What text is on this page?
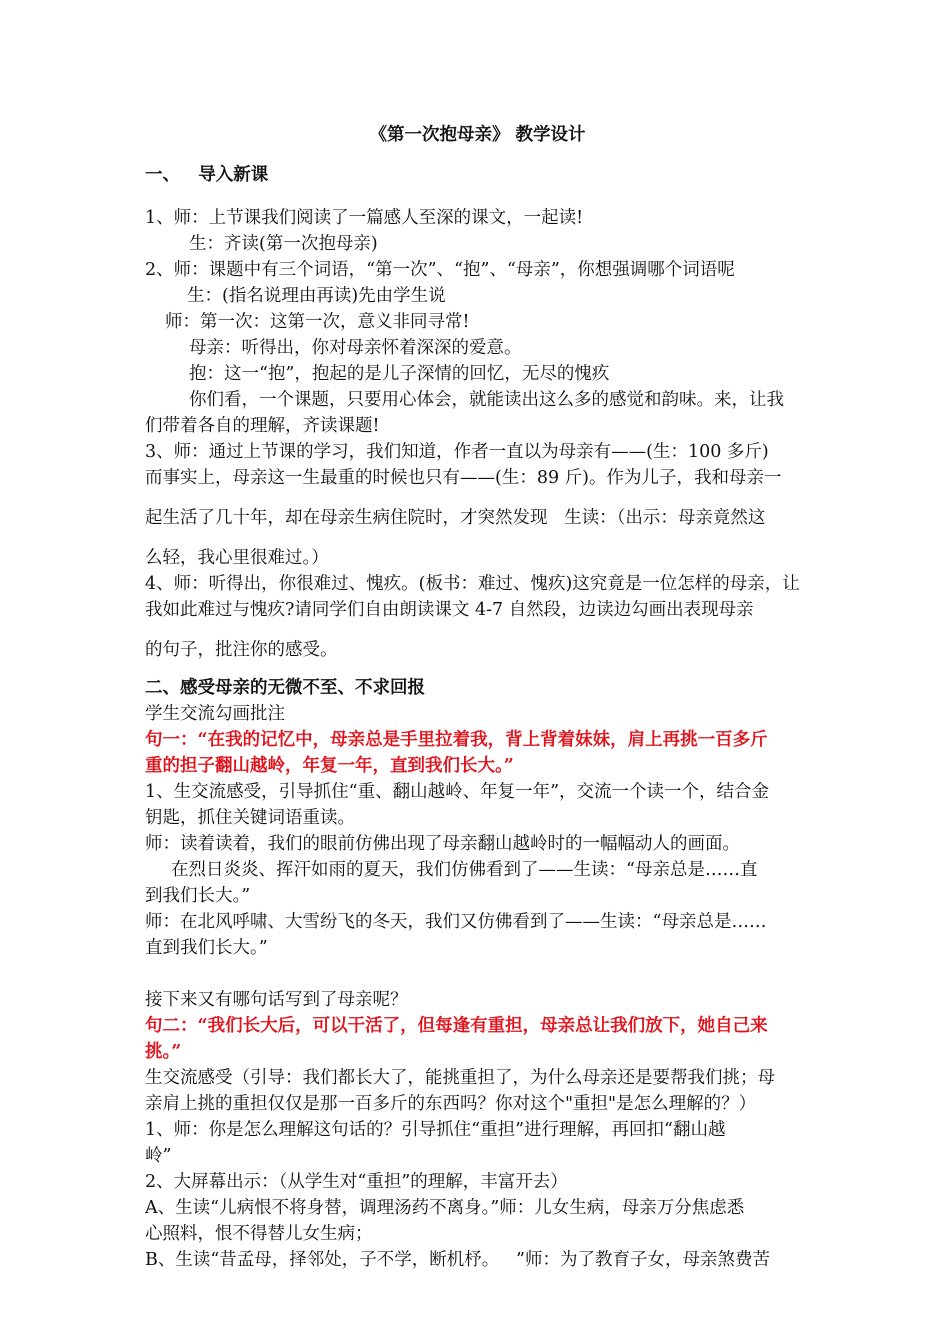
《第一次抱母亲》 教学设计

一、   导入新课

1、师：上节课我们阅读了一篇感人至深的课文，一起读!

生：齐读(第一次抱母亲)

2、师：课题中有三个词语，“第一次”、“抱”、“母亲”，你想强调哪个词语呢

生：(指名说理由再读)先由学生说

师：第一次：这第一次，意义非同寻常!

母亲：听得出，你对母亲怀着深深的爱意。

抱：这一“抱”，抱起的是儿子深情的回忆，无尽的愧疚

你们看，一个课题，只要用心体会，就能读出这么多的感觉和韵味。来，让我

们带着各自的理解，齐读课题!

3、师：通过上节课的学习，我们知道，作者一直以为母亲有——(生：100 多斤)

而事实上，母亲这一生最重的时候也只有——(生：89 斤)。作为儿子，我和母亲一

起生活了几十年，却在母亲生病住院时，才突然发现   生读：（出示：母亲竟然这

么轻，我心里很难过。）

4、师：听得出，你很难过、愧疚。(板书：难过、愧疚)这究竟是一位怎样的母亲，让

我如此难过与愧疚?请同学们自由朗读课文 4-7 自然段，边读边勾画出表现母亲

的句子，批注你的感受。

二、感受母亲的无微不至、不求回报

学生交流勾画批注

句一：“在我的记忆中，母亲总是手里拉着我，背上背着妹妹，肩上再挑一百多斤

重的担子翻山越岭，年复一年，直到我们长大。”

1、生交流感受，引导抓住“重、翻山越岭、年复一年”，交流一个读一个，结合金

钥匙，抓住关键词语重读。

师：读着读着，我们的眼前仿佛出现了母亲翻山越岭时的一幅幅动人的画面。

在烈日炎炎、挥汗如雨的夏天，我们仿佛看到了——生读：“母亲总是……直

到我们长大。”

师：在北风呼啸、大雪纷飞的冬天，我们又仿佛看到了——生读：“母亲总是……

直到我们长大。”

接下来又有哪句话写到了母亲呢？

句二：“我们长大后，可以干活了，但每逢有重担，母亲总让我们放下，她自己来

挑。”

生交流感受（引导：我们都长大了，能挑重担了，为什么母亲还是要帮我们挑；母

亲肩上挑的重担仅仅是那一百多斤的东西吗？你对这个"重担"是怎么理解的？）

1、师：你是怎么理解这句话的？引导抓住“重担”进行理解，再回扣“翻山越

岭”

2、大屏幕出示：（从学生对“重担”的理解，丰富开去）

A、生读“儿病恨不将身替，调理汤药不离身。”师：儿女生病，母亲万分焦虑悉

心照料，恨不得替儿女生病；

B、生读“昔孟母，择邻处，子不学，断机杼。   ”师：为了教育子女，母亲煞费苦
